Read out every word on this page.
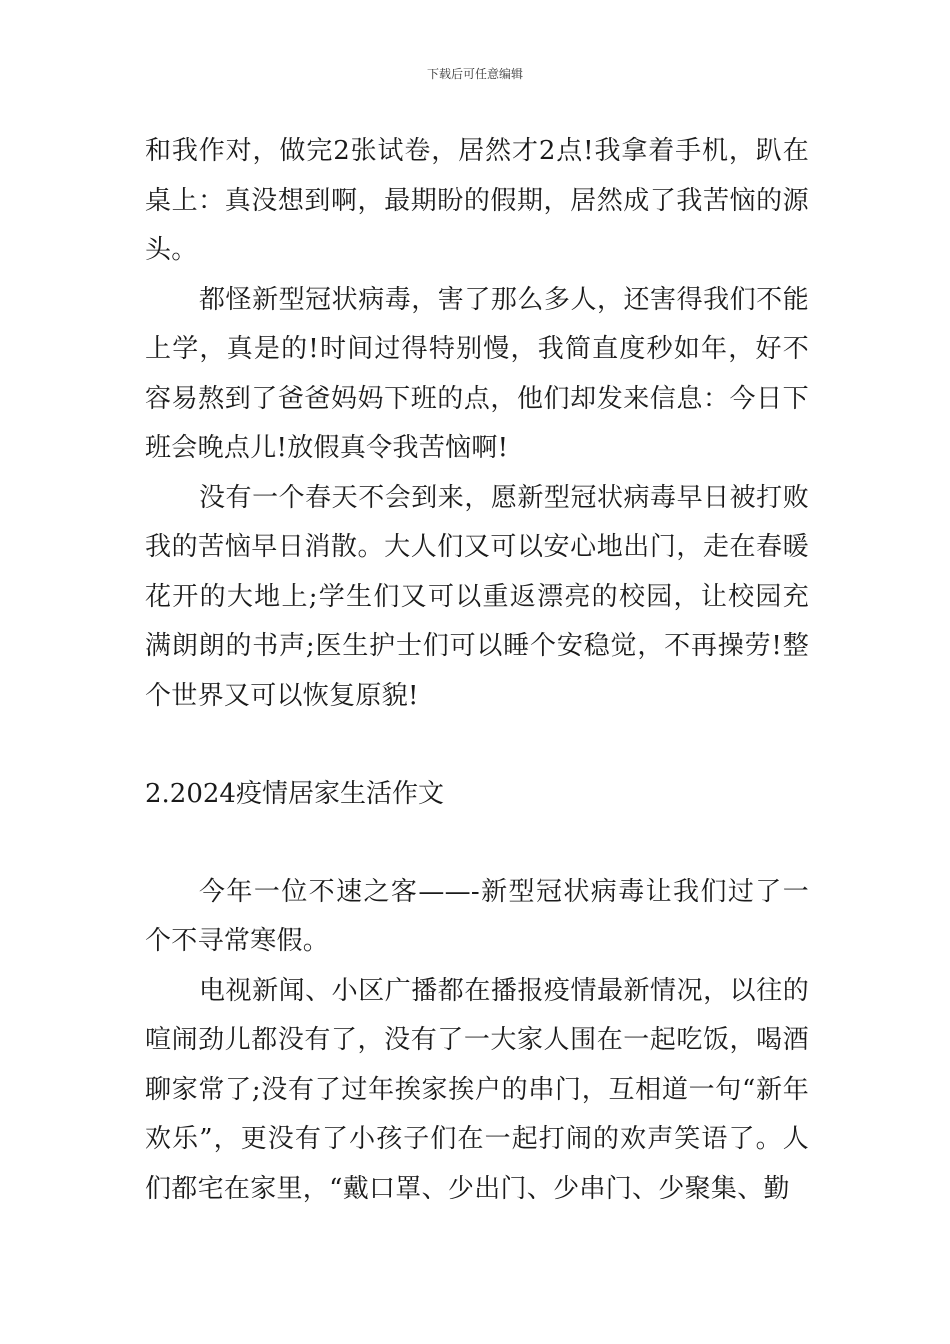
下载后可任意编辑

和我作对，做完2张试卷，居然才2点!我拿着手机，趴在桌上：真没想到啊，最期盼的假期，居然成了我苦恼的源头。

都怪新型冠状病毒，害了那么多人，还害得我们不能上学，真是的!时间过得特别慢，我简直度秒如年，好不容易熬到了爸爸妈妈下班的点，他们却发来信息：今日下班会晚点儿!放假真令我苦恼啊!

没有一个春天不会到来，愿新型冠状病毒早日被打败我的苦恼早日消散。大人们又可以安心地出门，走在春暖花开的大地上;学生们又可以重返漂亮的校园，让校园充满朗朗的书声;医生护士们可以睡个安稳觉，不再操劳!整个世界又可以恢复原貌!

2.2024疫情居家生活作文

今年一位不速之客——-新型冠状病毒让我们过了一个不寻常寒假。

电视新闻、小区广播都在播报疫情最新情况，以往的喧闹劲儿都没有了，没有了一大家人围在一起吃饭，喝酒聊家常了;没有了过年挨家挨户的串门，互相道一句“新年欢乐”，更没有了小孩子们在一起打闹的欢声笑语了。人们都宅在家里，“戴口罩、少出门、少串门、少聚集、勤
